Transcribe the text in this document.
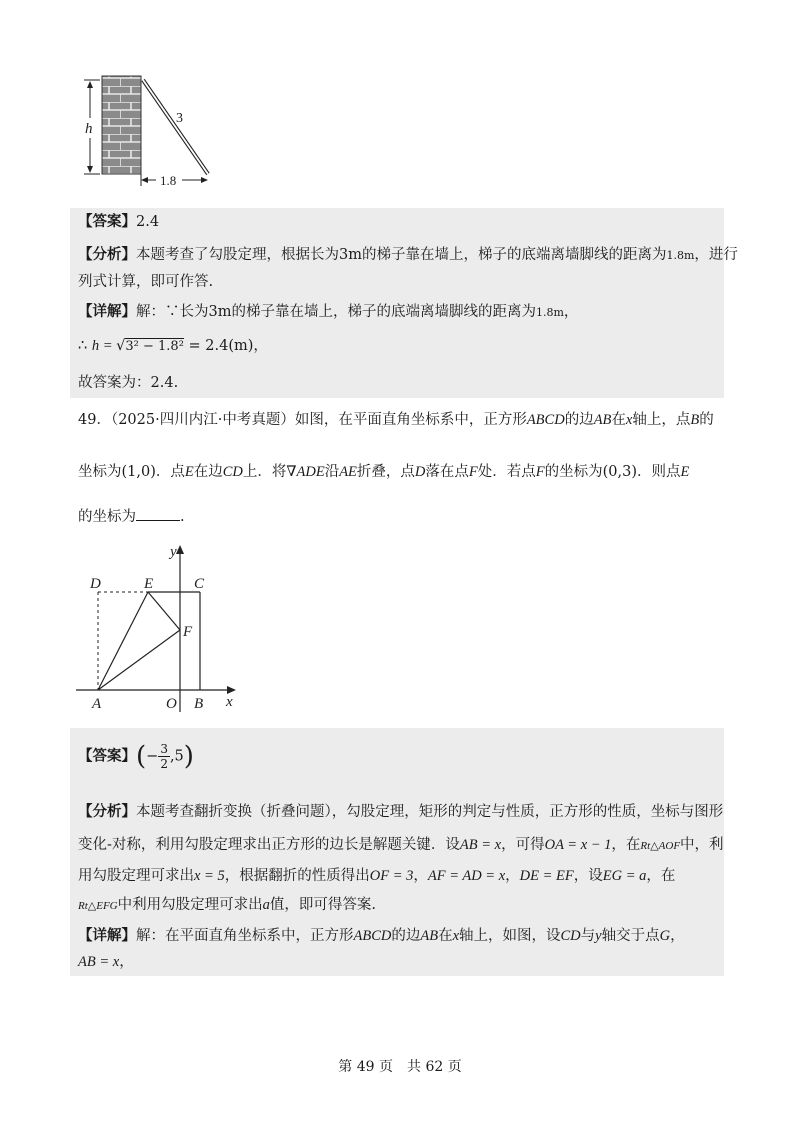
h
3
1.8
【答案】2.4
【分析】本题考查了勾股定理，根据长为3m的梯子靠在墙上，梯子的底端离墙脚线的距离为1.8m，进行
列式计算，即可作答.
【详解】解：∵长为3m的梯子靠在墙上，梯子的底端离墙脚线的距离为1.8m，
∴ h = √3² − 1.8² = 2.4(m)，
故答案为：2.4.
49．（2025·四川内江·中考真题）如图，在平面直角坐标系中，正方形ABCD的边AB在x轴上，点B的
坐标为(1,0)．点E在边CD上．将∇ADE沿AE折叠，点D落在点F处．若点F的坐标为(0,3)．则点E
的坐标为	.
y
x
D	E	C
F
A	O B
【答案】(− $\frac{3}{2} ,5$)
【分析】本题考查翻折变换（折叠问题），勾股定理，矩形的判定与性质，正方形的性质，坐标与图形
变化-对称，利用勾股定理求出正方形的边长是解题关键．设AB = x，可得OA = x − 1，在Rt△AOF中，利
用勾股定理可求出x = 5，根据翻折的性质得出OF = 3，AF = AD = x，DE = EF，设EG = a，在
Rt△EFG中利用勾股定理可求出a值，即可得答案.
【详解】解：在平面直角坐标系中，正方形ABCD的边AB在x轴上，如图，设CD与y轴交于点G，
AB = x，
第 49 页　共 62 页
